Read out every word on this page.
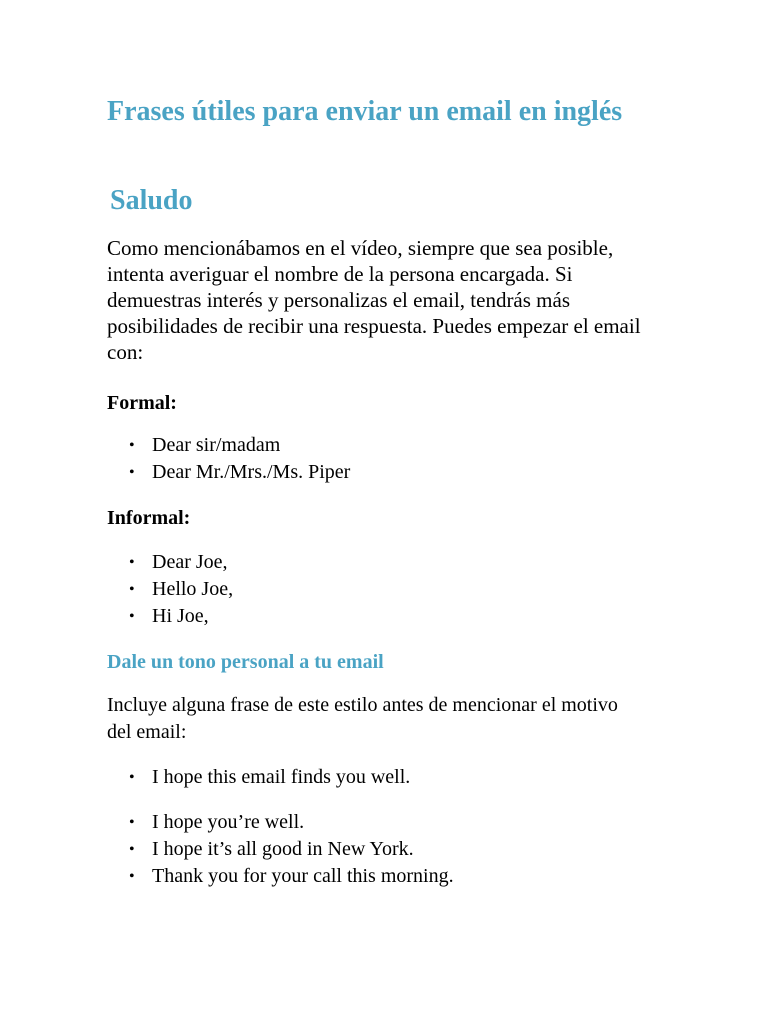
Frases útiles para enviar un email en inglés
Saludo

Como mencionábamos en el vídeo, siempre que sea posible, intenta averiguar el nombre de la persona encargada. Si demuestras interés y personalizas el email, tendrás más posibilidades de recibir una respuesta. Puedes empezar el email con:

Formal:

• Dear sir/madam
• Dear Mr./Mrs./Ms. Piper

Informal:

• Dear Joe,
• Hello Joe,
• Hi Joe,
Dale un tono personal a tu email

Incluye alguna frase de este estilo antes de mencionar el motivo del email:

• I hope this email finds you well.
• I hope you’re well.
• I hope it’s all good in New York.
• Thank you for your call this morning.
